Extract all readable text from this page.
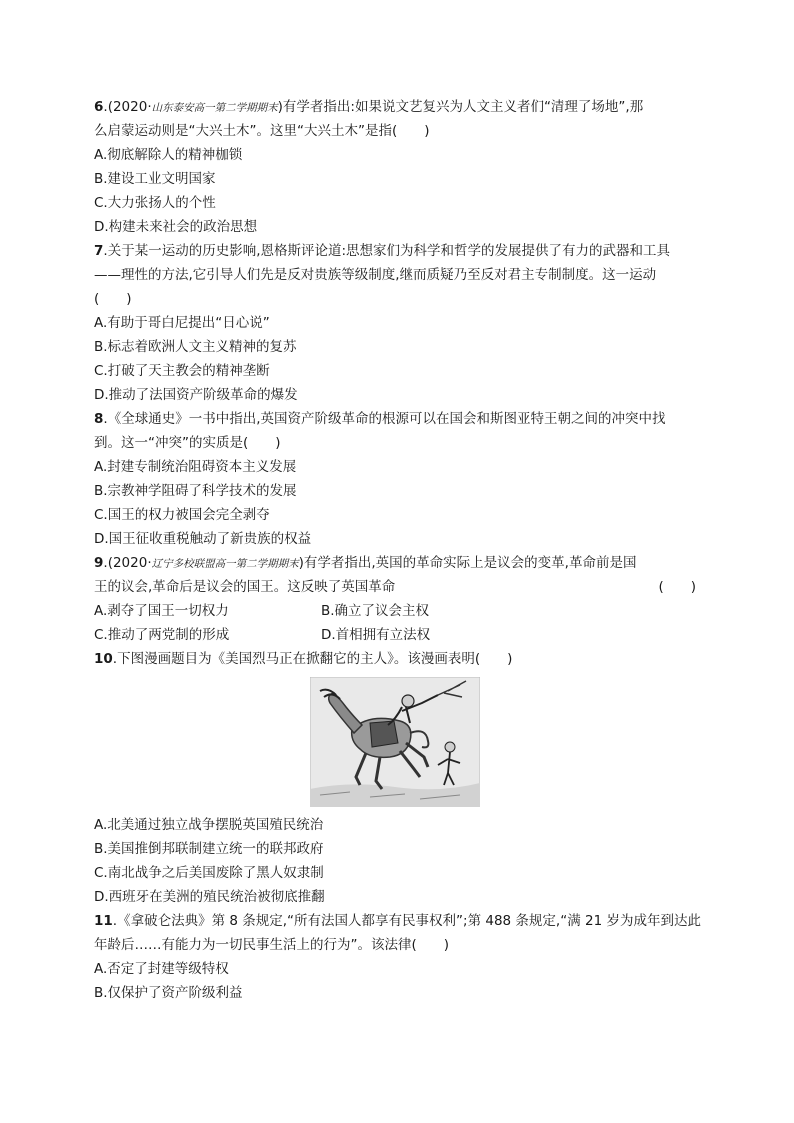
6.(2020·山东泰安高一第二学期期末)有学者指出:如果说文艺复兴为人文主义者们“清理了场地”,那
么启蒙运动则是“大兴土木”。这里“大兴土木”是指(　　)
A.彻底解除人的精神枷锁
B.建设工业文明国家
C.大力张扬人的个性
D.构建未来社会的政治思想
7.关于某一运动的历史影响,恩格斯评论道:思想家们为科学和哲学的发展提供了有力的武器和工具
——理性的方法,它引导人们先是反对贵族等级制度,继而质疑乃至反对君主专制制度。这一运动
(　　)
A.有助于哥白尼提出“日心说”
B.标志着欧洲人文主义精神的复苏
C.打破了天主教会的精神垄断
D.推动了法国资产阶级革命的爆发
8.《全球通史》一书中指出,英国资产阶级革命的根源可以在国会和斯图亚特王朝之间的冲突中找
到。这一“冲突”的实质是(　　)
A.封建专制统治阻碍资本主义发展
B.宗教神学阻碍了科学技术的发展
C.国王的权力被国会完全剥夺
D.国王征收重税触动了新贵族的权益
9.(2020·辽宁多校联盟高一第二学期期末)有学者指出,英国的革命实际上是议会的变革,革命前是国
王的议会,革命后是议会的国王。这反映了英国革命	(　　)
A.剥夺了国王一切权力	B.确立了议会主权
C.推动了两党制的形成	D.首相拥有立法权
10.下图漫画题目为《美国烈马正在掀翻它的主人》。该漫画表明(　　)
A.北美通过独立战争摆脱英国殖民统治
B.美国推倒邦联制建立统一的联邦政府
C.南北战争之后美国废除了黑人奴隶制
D.西班牙在美洲的殖民统治被彻底推翻
11.《拿破仑法典》第 8 条规定,“所有法国人都享有民事权利”;第 488 条规定,“满 21 岁为成年到达此
年龄后……有能力为一切民事生活上的行为”。该法律(　　)
A.否定了封建等级特权
B.仅保护了资产阶级利益
